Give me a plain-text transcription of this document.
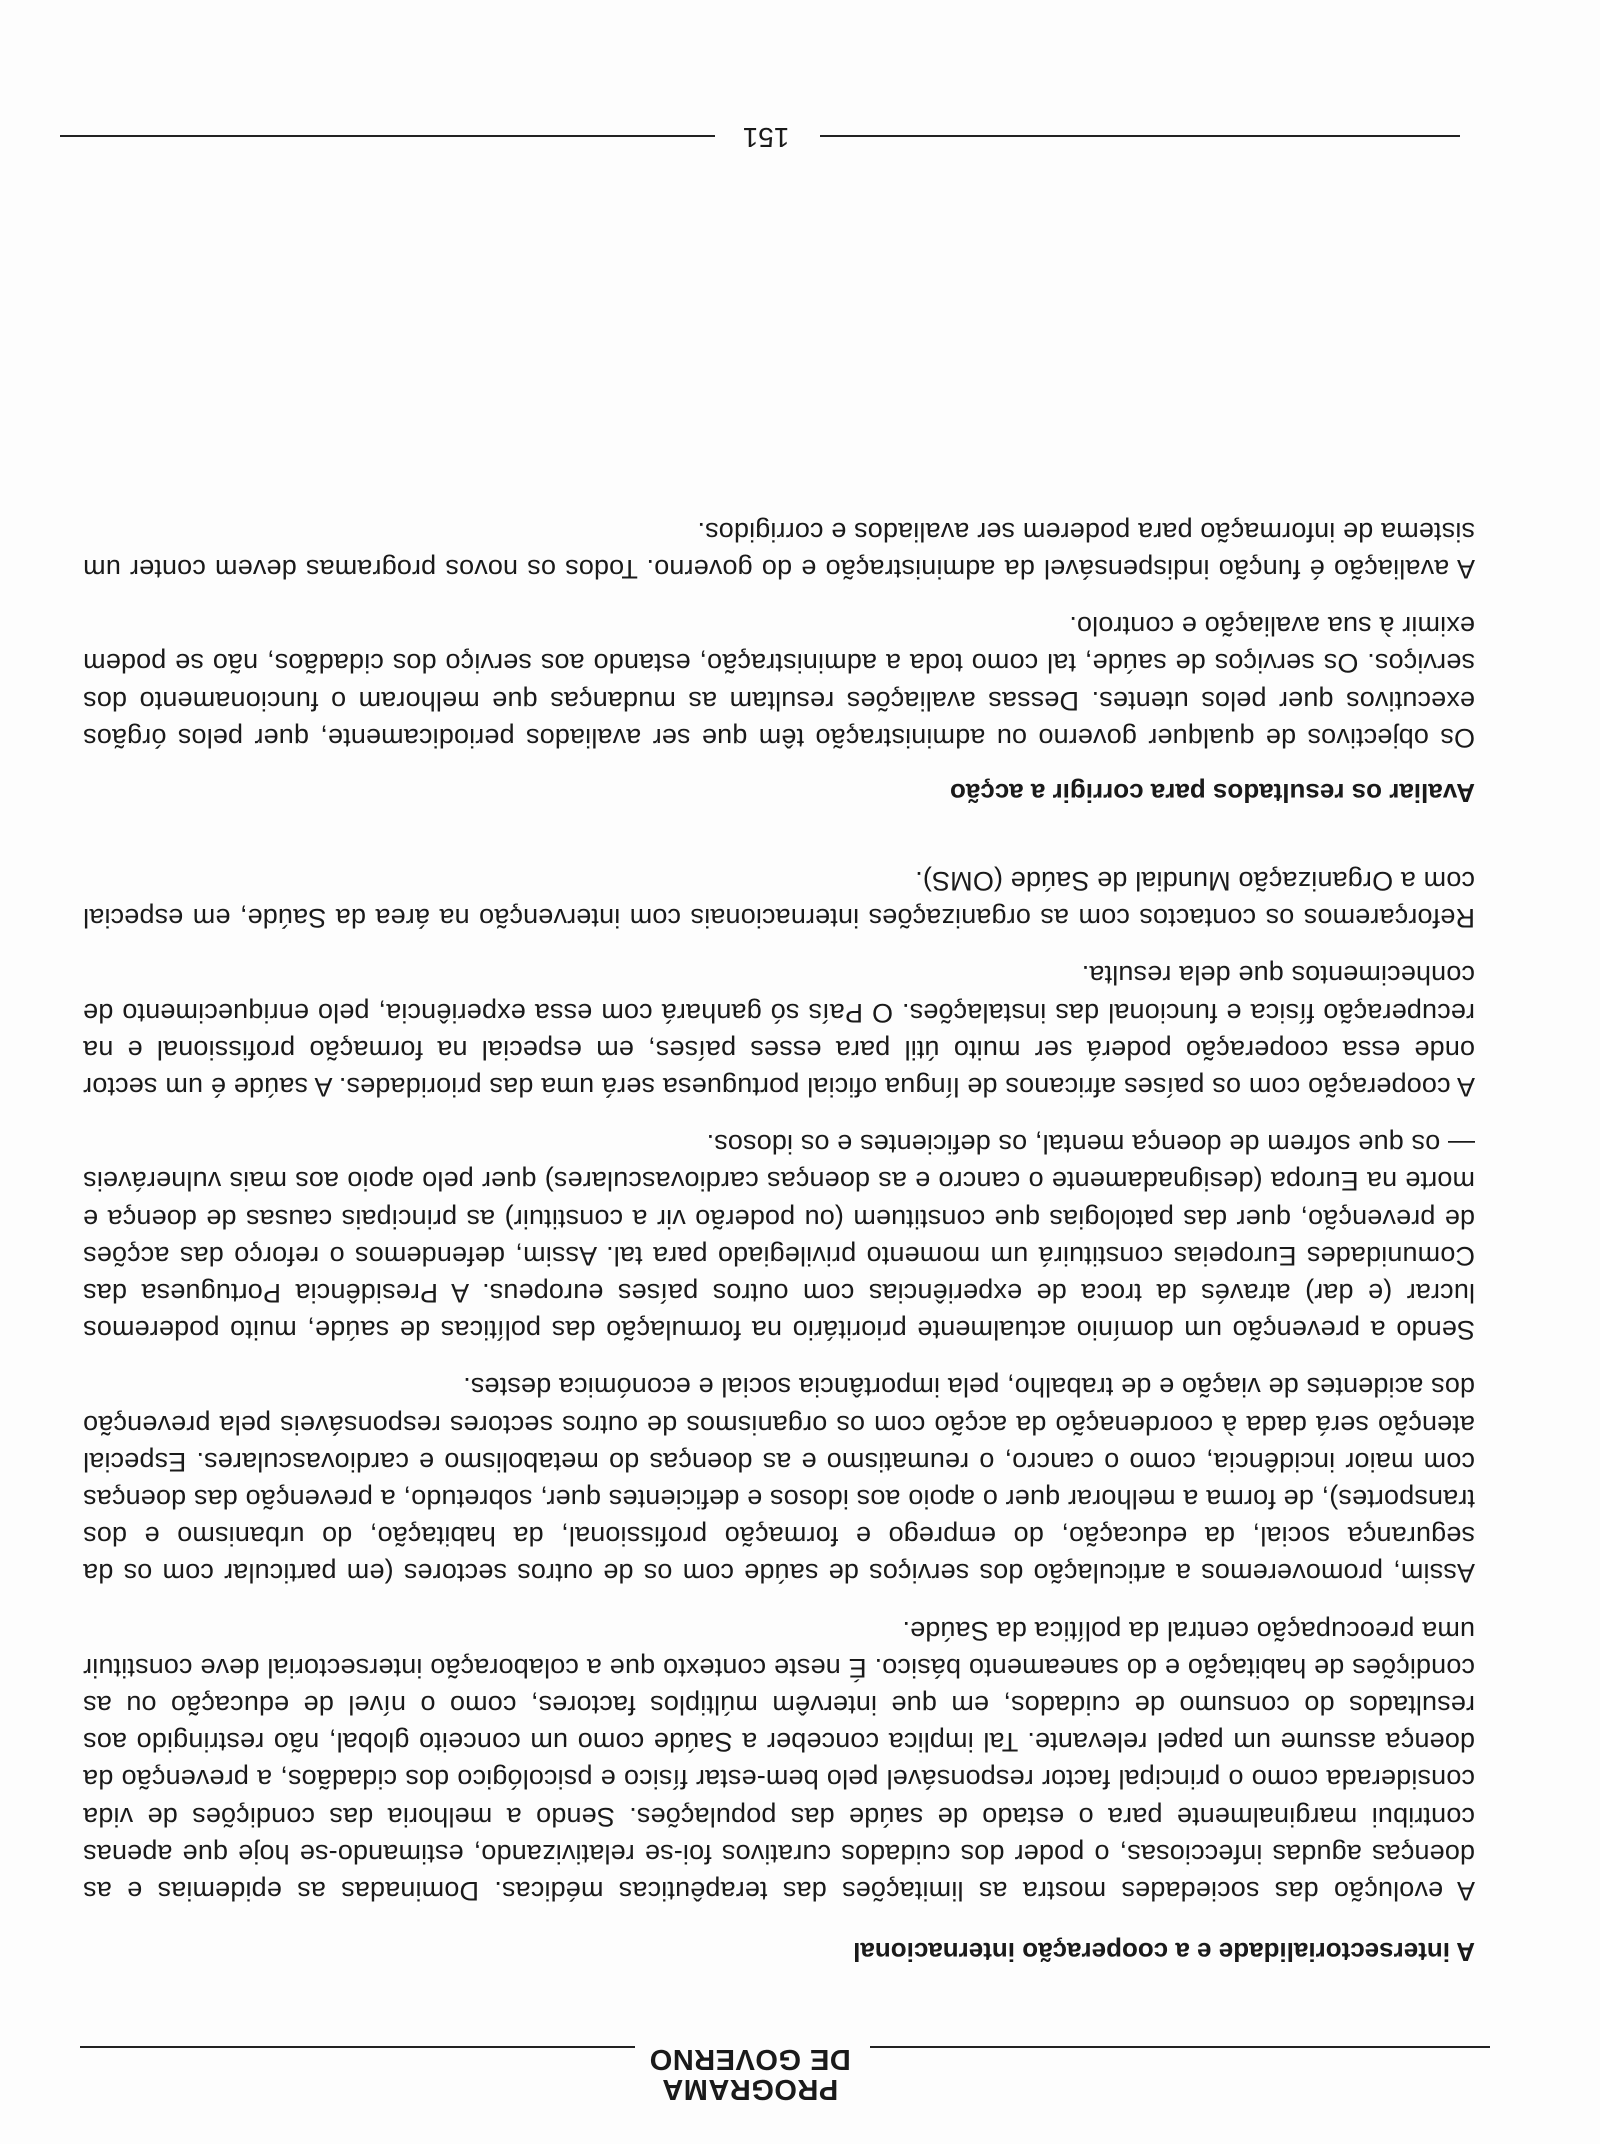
PROGRAMA
DE GOVERNO
A intersectorialidade e a cooperação internacional

A evolução das sociedades mostra as limitações das terapêuticas médicas. Dominadas as epidemias e as doenças agudas infecciosas, o poder dos cuidados curativos foi-se relativizando, estimando-se hoje que apenas contribui marginalmente para o estado de saúde das populações. Sendo a melhoria das condições de vida considerada como o principal factor responsável pelo bem-estar físico e psicológico dos cidadãos, a prevenção da doença assume um papel relevante. Tal implica conceber a Saúde como um conceito global, não restringido aos resultados do consumo de cuidados, em que intervêm múltiplos factores, como o nível de educação ou as condições de habitação e do saneamento básico. É neste contexto que a colaboração intersectorial deve constituir uma preocupação central da política da Saúde.

Assim, promoveremos a articulação dos serviços de saúde com os de outros sectores (em particular com os da segurança social, da educação, do emprego e formação profissional, da habitação, do urbanismo e dos transportes), de forma a melhorar quer o apoio aos idosos e deficientes quer, sobretudo, a prevenção das doenças com maior incidência, como o cancro, o reumatismo e as doenças do metabolismo e cardiovasculares. Especial atenção será dada à coordenação da acção com os organismos de outros sectores responsáveis pela prevenção dos acidentes de viação e de trabalho, pela importância social e económica destes.

Sendo a prevenção um domínio actualmente prioritário na formulação das políticas de saúde, muito poderemos lucrar (e dar) através da troca de experiências com outros países europeus. A Presidência Portuguesa das Comunidades Europeias constituirá um momento privilegiado para tal. Assim, defendemos o reforço das acções de prevenção, quer das patologias que constituem (ou poderão vir a constituir) as principais causas de doença e morte na Europa (designadamente o cancro e as doenças cardiovasculares) quer pelo apoio aos mais vulneráveis — os que sofrem de doença mental, os deficientes e os idosos.

A cooperação com os países africanos de língua oficial portuguesa será uma das prioridades. A saúde é um sector onde essa cooperação poderá ser muito útil para esses países, em especial na formação profissional e na recuperação física e funcional das instalações. O País só ganhará com essa experiência, pelo enriquecimento de conhecimentos que dela resulta.

Reforçaremos os contactos com as organizações internacionais com intervenção na área da Saúde, em especial com a Organização Mundial de Saúde (OMS).

Avaliar os resultados para corrigir a acção

Os objectivos de qualquer governo ou administração têm que ser avaliados periodicamente, quer pelos órgãos executivos quer pelos utentes. Dessas avaliações resultam as mudanças que melhoram o funcionamento dos serviços. Os serviços de saúde, tal como toda a administração, estando aos serviço dos cidadãos, não se podem eximir à sua avaliação e controlo.

A avaliação é função indispensável da administração e do governo. Todos os novos programas devem conter um sistema de informação para poderem ser avaliados e corrigidos.

151
